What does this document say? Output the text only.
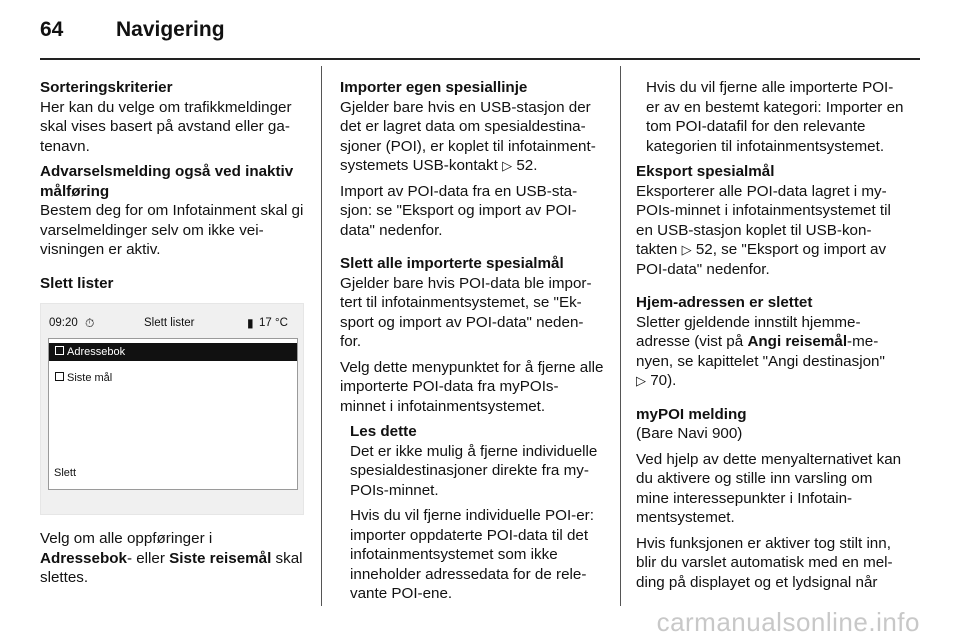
64	Navigering

Sorteringskriterier

Her kan du velge om trafikkmeldinger skal vises basert på avstand eller ga-tenavn.

Advarselsmelding også ved inaktiv målføring

Bestem deg for om Infotainment skal gi varselmeldinger selv om ikke vei-visningen er aktiv.

Slett lister

09:20 ⏱	Slett lister	▮ 17 °C
Adressebok
Siste mål
Slett

Velg om alle oppføringer i
Adressebok- eller Siste reisemål skal slettes.

Importer egen spesiallinje

Gjelder bare hvis en USB-stasjon der det er lagret data om spesialdestina-sjoner (POI), er koplet til infotainment-systemets USB-kontakt ▷ 52.

Import av POI-data fra en USB-sta-sjon: se "Eksport og import av POI-data" nedenfor.

Slett alle importerte spesialmål

Gjelder bare hvis POI-data ble impor-tert til infotainmentsystemet, se "Ek-sport og import av POI-data" neden-for.

Velg dette menypunktet for å fjerne alle importerte POI-data fra myPOIs-minnet i infotainmentsystemet.

Les dette

Det er ikke mulig å fjerne individuelle spesialdestinasjoner direkte fra my-POIs-minnet.

Hvis du vil fjerne individuelle POI-er: importer oppdaterte POI-data til det infotainmentsystemet som ikke inneholder adressedata for de rele-vante POI-ene.

Hvis du vil fjerne alle importerte POI-er av en bestemt kategori: Importer en tom POI-datafil for den relevante kategorien til infotainmentsystemet.

Eksport spesialmål

Eksporterer alle POI-data lagret i my-POIs-minnet i infotainmentsystemet til en USB-stasjon koplet til USB-kon-takten ▷ 52, se "Eksport og import av POI-data" nedenfor.

Hjem-adressen er slettet

Sletter gjeldende innstilt hjemme-adresse (vist på Angi reisemål-me-nyen, se kapittelet "Angi destinasjon"
▷ 70).

myPOI melding

(Bare Navi 900)

Ved hjelp av dette menyalternativet kan du aktivere og stille inn varsling om mine interessepunkter i Infotain-mentsystemet.

Hvis funksjonen er aktiver tog stilt inn, blir du varslet automatisk med en mel-ding på displayet og et lydsignal når

carmanualsonline.info
